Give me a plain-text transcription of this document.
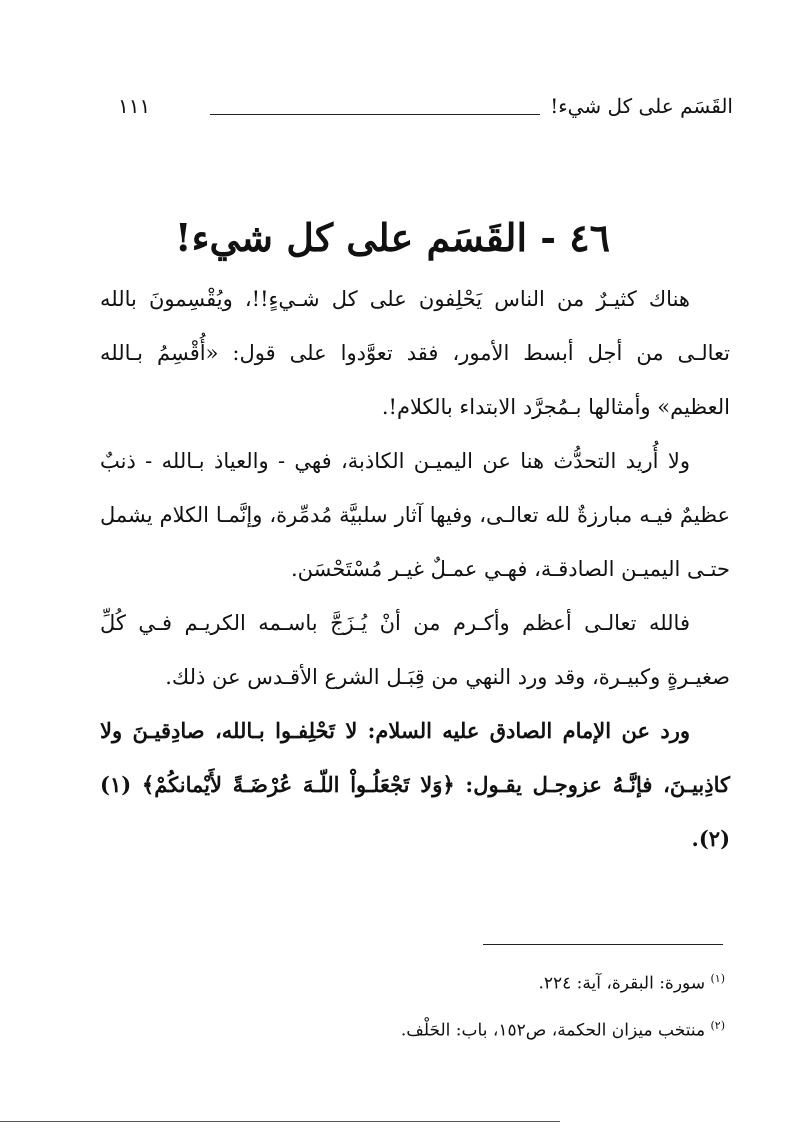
القَسَم على كل شيء!
١١١
٤٦ - القَسَم على كل شيء!

هناك كثيـرٌ من الناس يَحْلِفون على كل شـيءٍ!!، ويُقْسِمونَ بالله تعالـى من أجل أبسط الأمور، فقد تعوَّدوا على قول: «أُقْسِمُ بـالله العظيم» وأمثالها بـمُجرَّد الابتداء بالكلام!.

ولا أُريد التحدُّث هنا عن اليميـن الكاذبة، فهي - والعياذ بـالله - ذنبٌ عظيمٌ فيـه مبارزةٌ لله تعالـى، وفيها آثار سلبيَّة مُدمِّرة، وإنَّمـا الكلام يشمل حتـى اليميـن الصادقـة، فهـي عمـلٌ غيـر مُسْتَحْسَن.

فالله تعالـى أعظم وأكـرم من أنْ يُـزَجَّ باسـمه الكريـم فـي كُلِّ صغيـرةٍ وكبيـرة، وقد ورد النهي من قِبَـل الشرع الأقـدس عن ذلك.

ورد عن الإمام الصادق عليه السلام: لا تَحْلِفـوا بـالله، صادِقيـنَ ولا كاذِبيـنَ، فإنَّـهُ عزوجـل يقـول: ﴿وَلا تَجْعَلُـواْ اللّـهَ عُرْضَـةً لأَيْمانكُمْ﴾ (١) (٢).

$^{(١)}$ سورة: البقرة، آية: ٢٢٤.
$^{(٢)}$ منتخب ميزان الحكمة، ص١٥٢، باب: الحَلْف.
